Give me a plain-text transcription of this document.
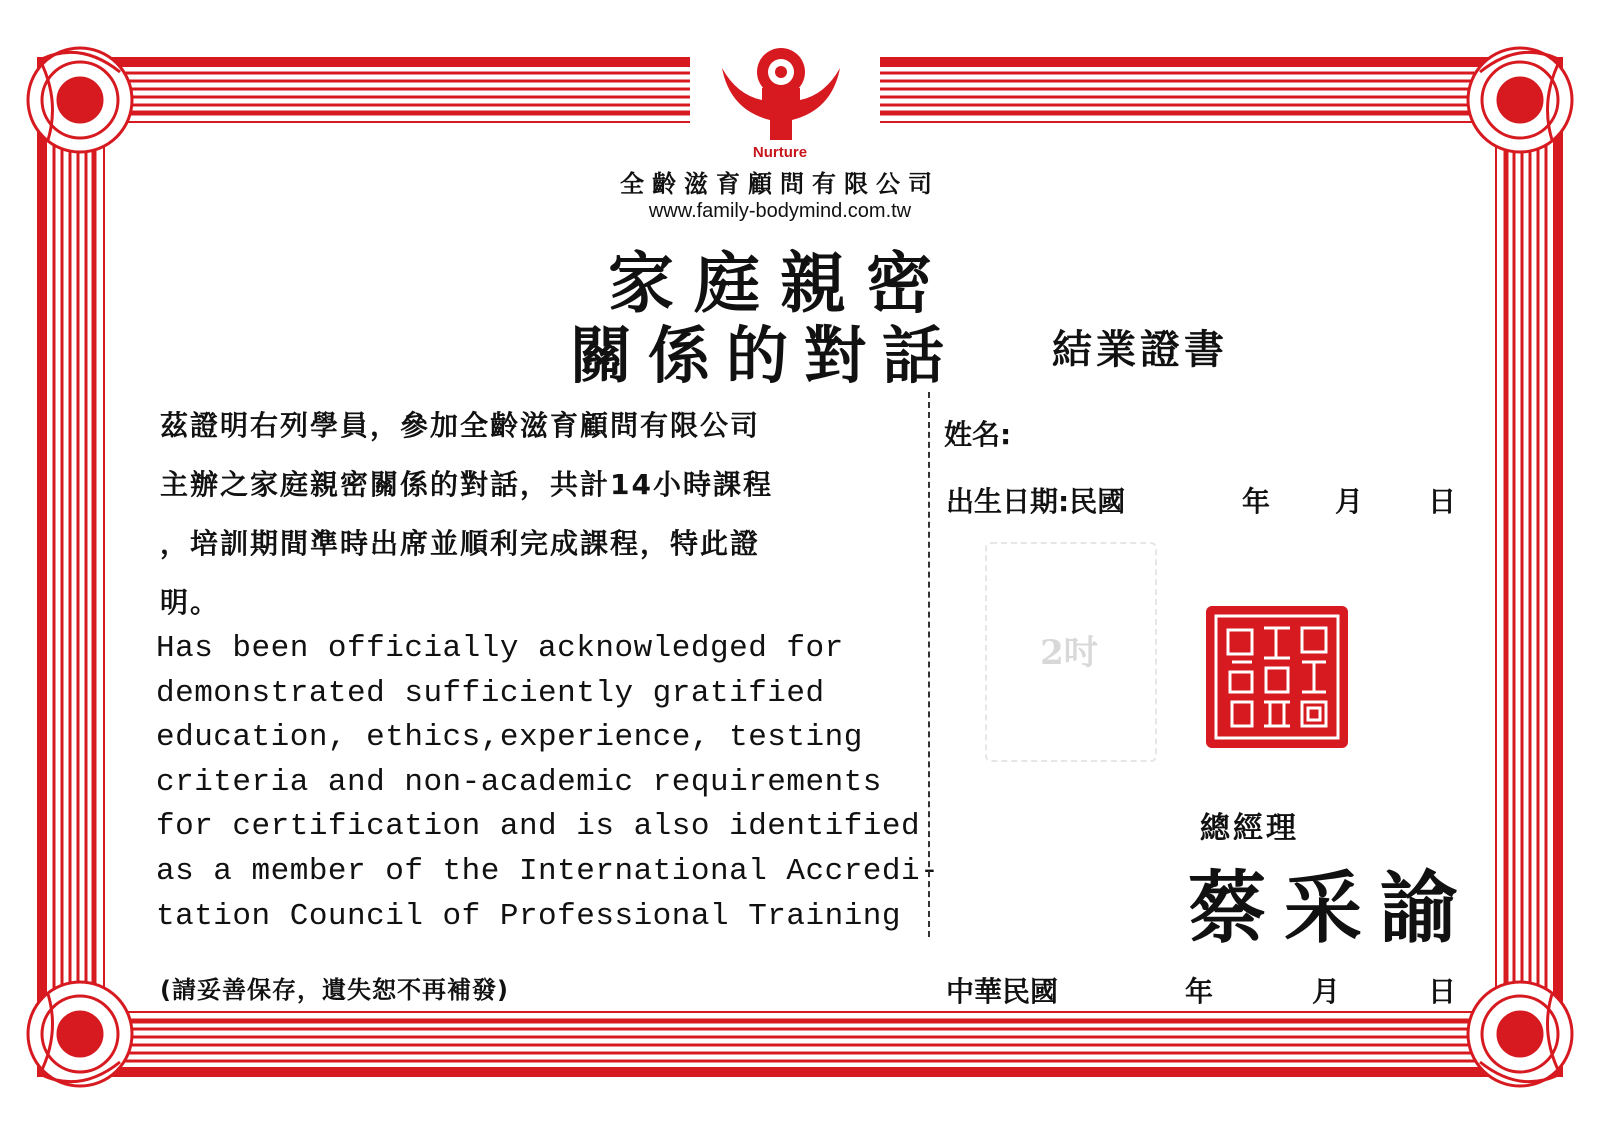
Nurture
全齡滋育顧問有限公司
www.family-bodymind.com.tw
家庭親密
關係的對話	結業證書
茲證明右列學員，參加全齡滋育顧問有限公司
主辦之家庭親密關係的對話，共計14小時課程
，培訓期間準時出席並順利完成課程，特此證
明。
Has been officially acknowledged for
demonstrated sufficiently gratified
education, ethics,experience, testing
criteria and non-academic requirements
for certification and is also identified
as a member of the International Accredi-
tation Council of Professional Training
姓名:
出生日期:民國	年 月 日
2吋
總經理
蔡采諭
(請妥善保存，遺失恕不再補發)	中華民國	年	月	日
